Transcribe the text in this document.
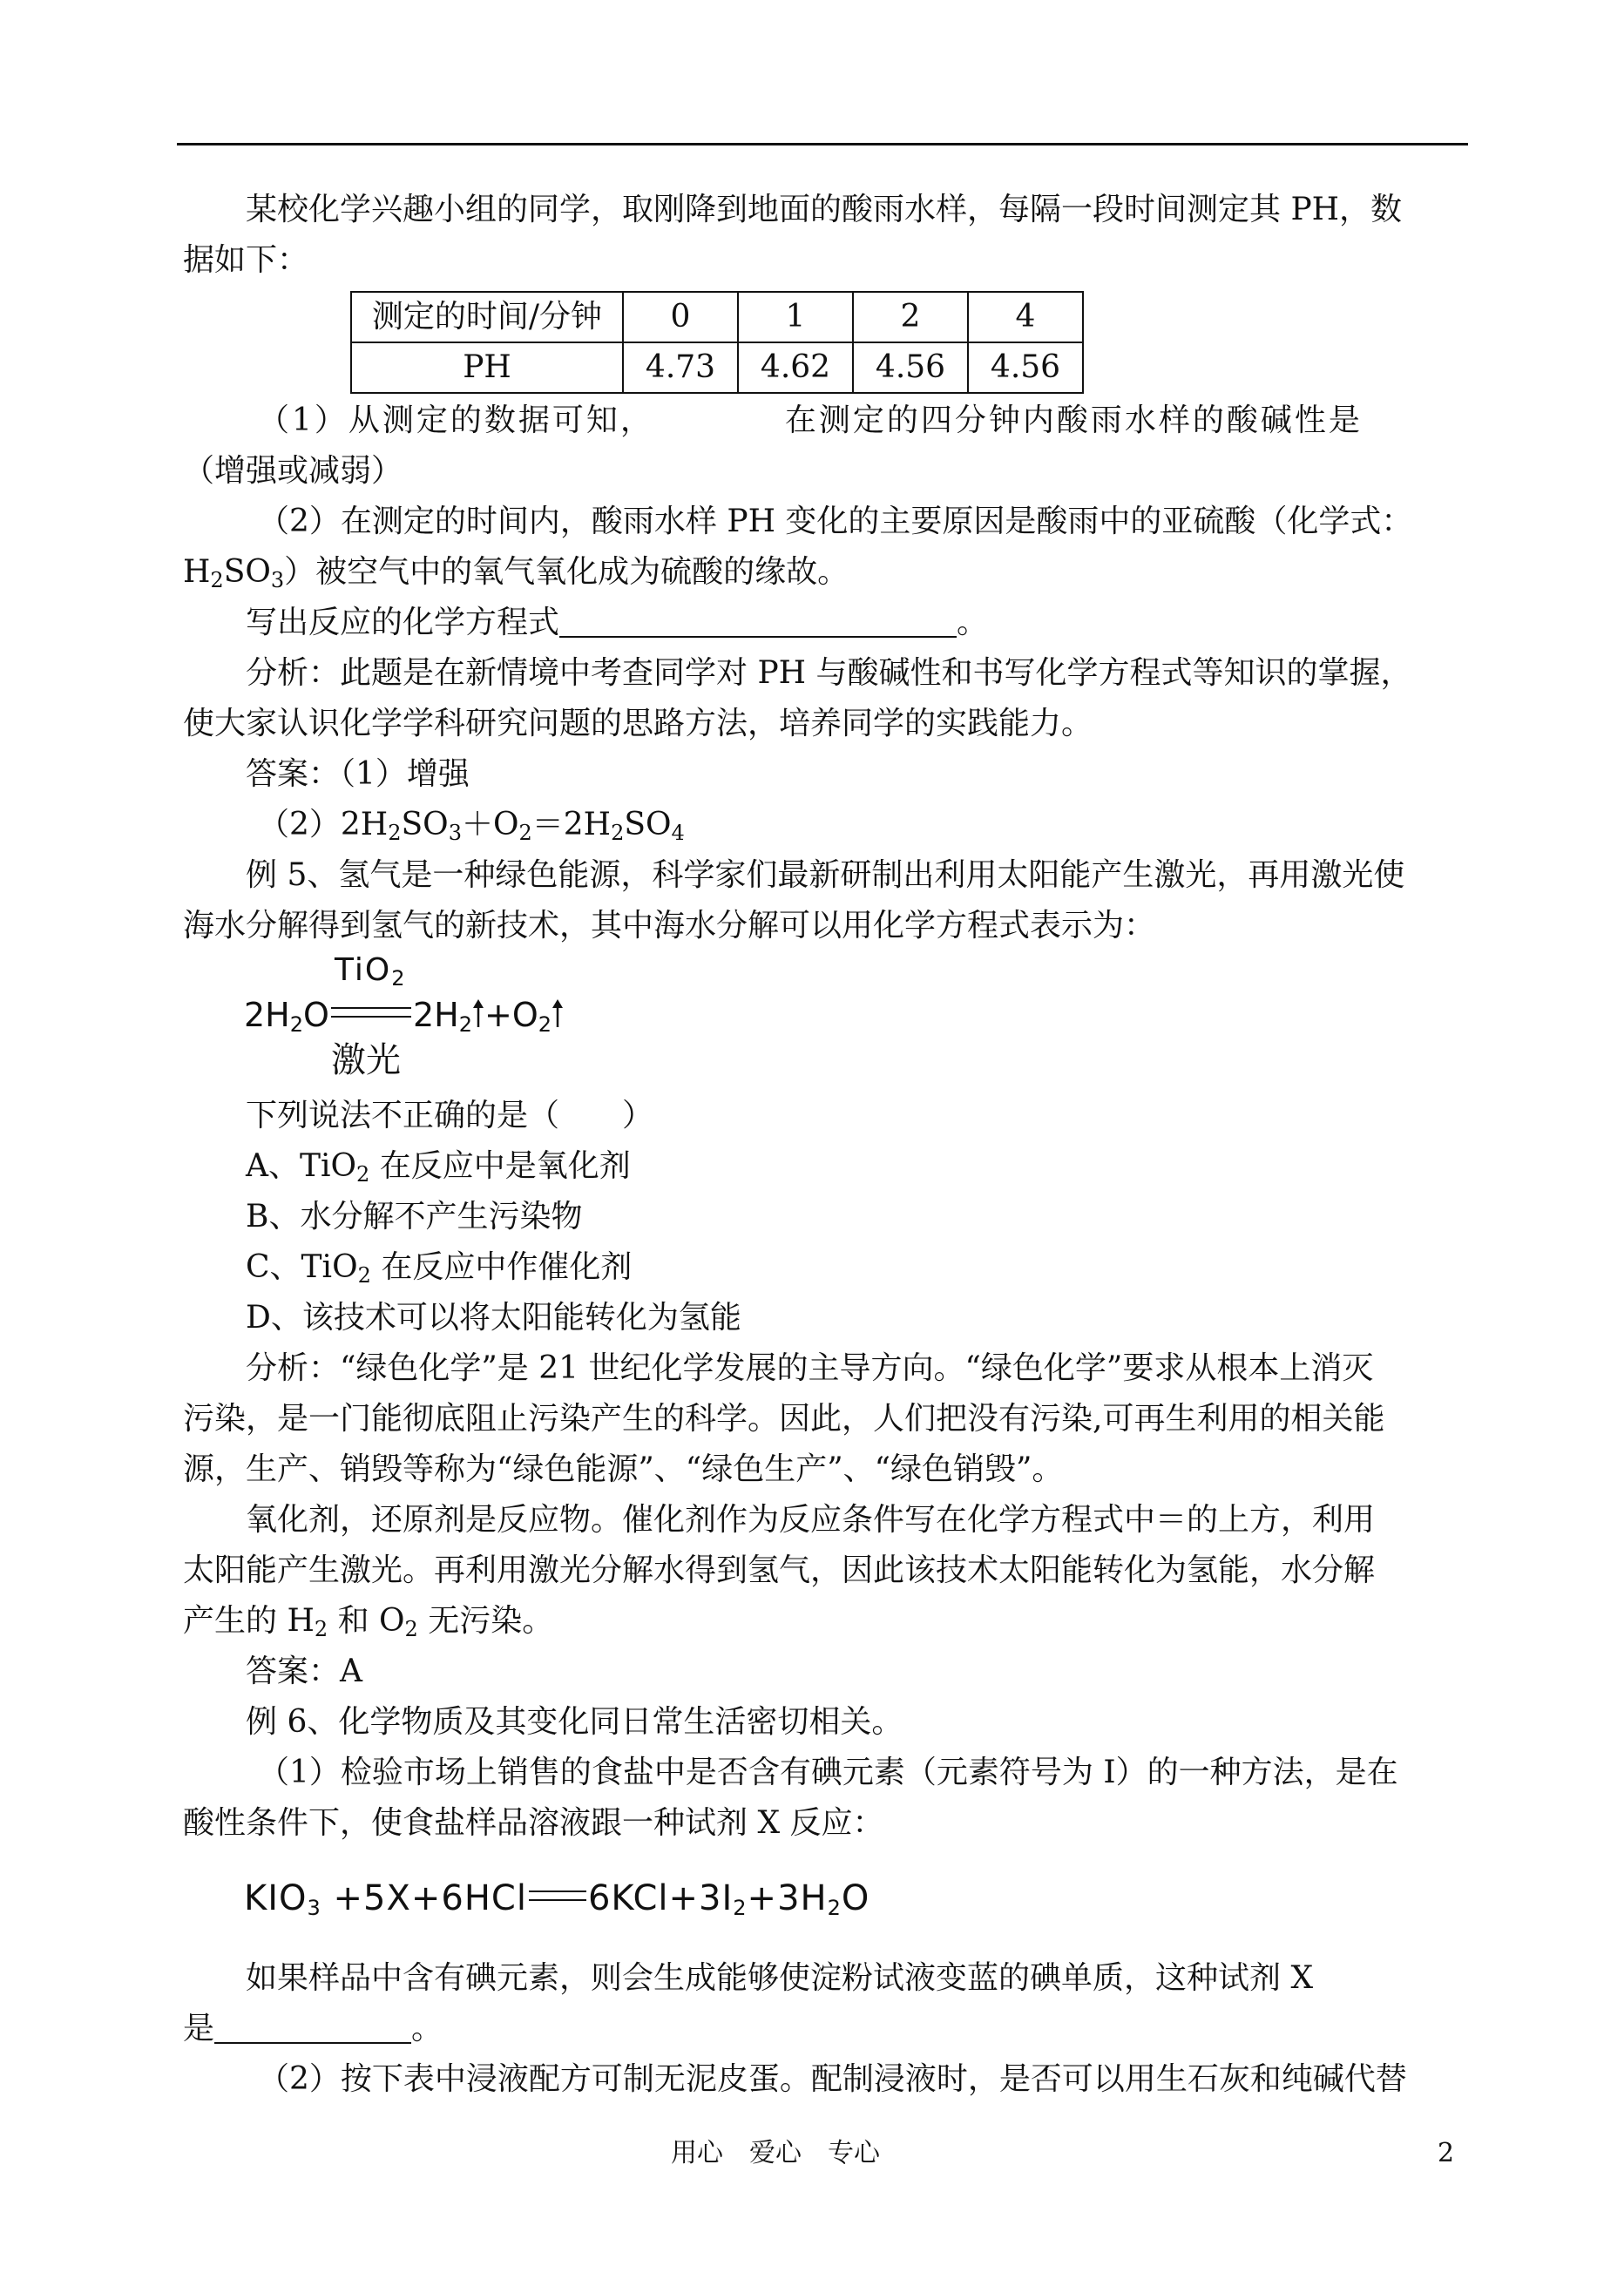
某校化学兴趣小组的同学，取刚降到地面的酸雨水样，每隔一段时间测定其 PH，数

据如下：

测定的时间/分钟	0	1	2	4
PH	4.73	4.62	4.56	4.56

（1）从测定的数据可知，	在测定的四分钟内酸雨水样的酸碱性是

（增强或减弱）

（2）在测定的时间内，酸雨水样 PH 变化的主要原因是酸雨中的亚硫酸（化学式：

$H_2SO_3$）被空气中的氧气氧化成为硫酸的缘故。

写出反应的化学方程式	。

分析：此题是在新情境中考查同学对 PH 与酸碱性和书写化学方程式等知识的掌握，

使大家认识化学学科研究问题的思路方法，培养同学的实践能力。

答案：（1）增强

$(2)2H_2SO_3+O_2=2H_2SO_4$

例 5、氢气是一种绿色能源，科学家们最新研制出利用太阳能产生激光，再用激光使

海水分解得到氢气的新技术，其中海水分解可以用化学方程式表示为：

TiO$_2$
$2H_2O$	$2H_2 +O_2$
激光

下列说法不正确的是（　　）

A、TiO$_2$ 在反应中是氧化剂

B、水分解不产生污染物

C、TiO$_2$ 在反应中作催化剂

D、该技术可以将太阳能转化为氢能

分析：“绿色化学”是 21 世纪化学发展的主导方向。“绿色化学”要求从根本上消灭

污染，是一门能彻底阻止污染产生的科学。因此，人们把没有污染,可再生利用的相关能

源，生产、销毁等称为“绿色能源”、“绿色生产”、“绿色销毁”。

氧化剂，还原剂是反应物。催化剂作为反应条件写在化学方程式中＝的上方，利用

太阳能产生激光。再利用激光分解水得到氢气，因此该技术太阳能转化为氢能，水分解

产生的 $H_2$ 和 $O_2$ 无污染。

答案：A

例 6、化学物质及其变化同日常生活密切相关。

（1）检验市场上销售的食盐中是否含有碘元素（元素符号为 I）的一种方法，是在

酸性条件下，使食盐样品溶液跟一种试剂 X 反应：

$KIO_3 +5X+6HCl$ $6KCl+3I_2+3H_2O$

如果样品中含有碘元素，则会生成能够使淀粉试液变蓝的碘单质，这种试剂 X

是	。

（2）按下表中浸液配方可制无泥皮蛋。配制浸液时，是否可以用生石灰和纯碱代替

用心　爱心　专心	2
